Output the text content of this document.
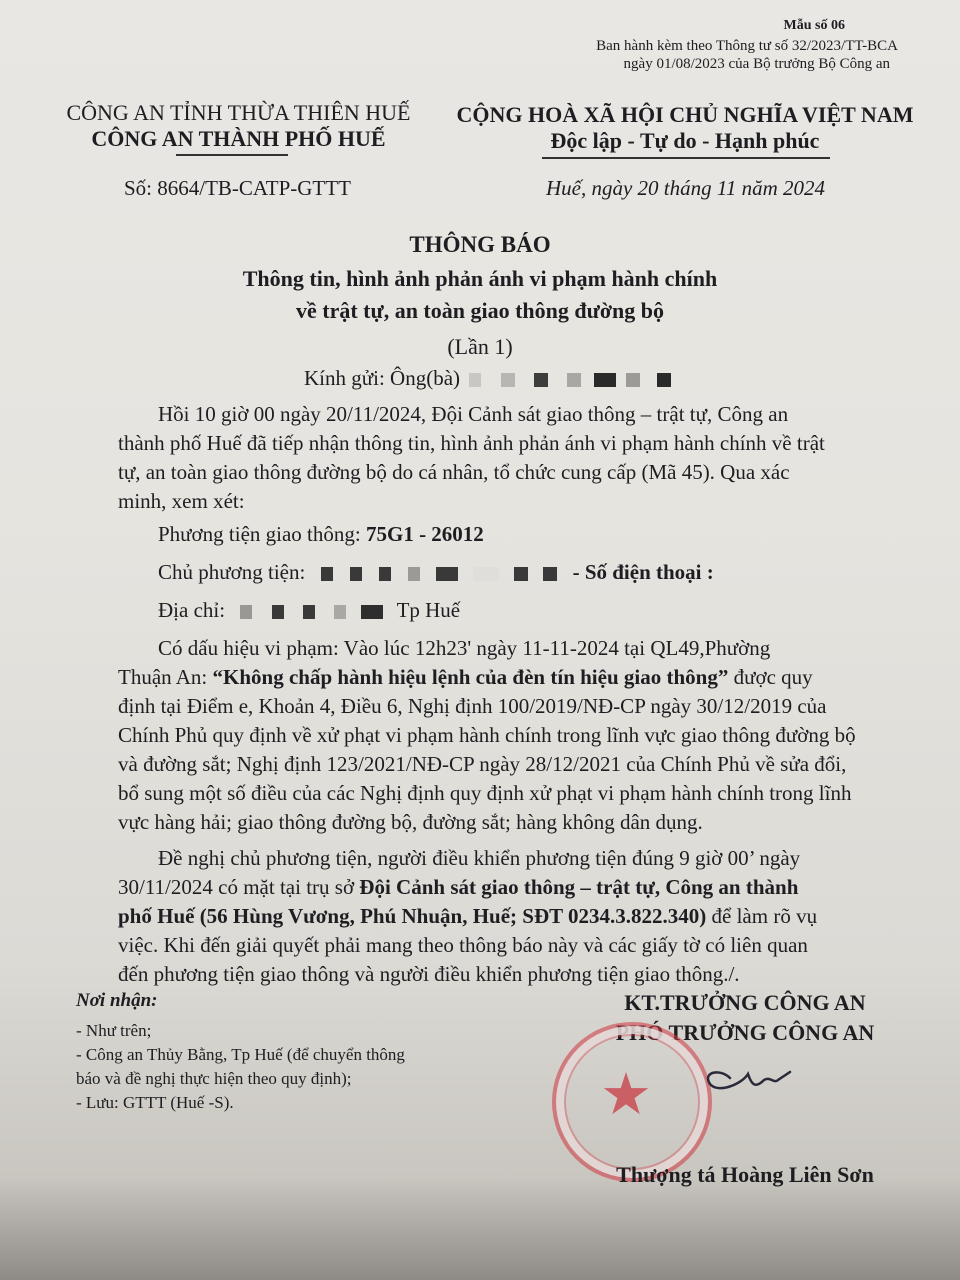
Mẫu số 06
Ban hành kèm theo Thông tư số 32/2023/TT-BCA
ngày 01/08/2023 của Bộ trưởng Bộ Công an
CÔNG AN TỈNH THỪA THIÊN HUẾ
CÔNG AN THÀNH PHỐ HUẾ
CỘNG HOÀ XÃ HỘI CHỦ NGHĨA VIỆT NAM
Độc lập - Tự do - Hạnh phúc
Số: 8664/TB-CATP-GTTT	Huế, ngày 20 tháng 11 năm 2024
THÔNG BÁO
Thông tin, hình ảnh phản ánh vi phạm hành chính
về trật tự, an toàn giao thông đường bộ
(Lần 1)
Kính gửi: Ông(bà)
Hồi 10 giờ 00 ngày 20/11/2024, Đội Cảnh sát giao thông – trật tự, Công an
thành phố Huế đã tiếp nhận thông tin, hình ảnh phản ánh vi phạm hành chính về trật
tự, an toàn giao thông đường bộ do cá nhân, tổ chức cung cấp (Mã 45). Qua xác
minh, xem xét:
Phương tiện giao thông: 75G1 - 26012
Chủ phương tiện:	- Số điện thoại :
Địa chỉ:	Tp Huế
Có dấu hiệu vi phạm: Vào lúc 12h23' ngày 11-11-2024 tại QL49,Phường
Thuận An: “Không chấp hành hiệu lệnh của đèn tín hiệu giao thông” được quy
định tại Điểm e, Khoản 4, Điều 6, Nghị định 100/2019/NĐ-CP ngày 30/12/2019 của
Chính Phủ quy định về xử phạt vi phạm hành chính trong lĩnh vực giao thông đường bộ
và đường sắt; Nghị định 123/2021/NĐ-CP ngày 28/12/2021 của Chính Phủ về sửa đổi,
bổ sung một số điều của các Nghị định quy định xử phạt vi phạm hành chính trong lĩnh
vực hàng hải; giao thông đường bộ, đường sắt; hàng không dân dụng.
Đề nghị chủ phương tiện, người điều khiển phương tiện đúng 9 giờ 00’ ngày
30/11/2024 có mặt tại trụ sở Đội Cảnh sát giao thông – trật tự, Công an thành
phố Huế (56 Hùng Vương, Phú Nhuận, Huế; SĐT 0234.3.822.340) để làm rõ vụ
việc. Khi đến giải quyết phải mang theo thông báo này và các giấy tờ có liên quan
đến phương tiện giao thông và người điều khiển phương tiện giao thông./.
Nơi nhận:
- Như trên;
- Công an Thủy Bằng, Tp Huế (để chuyển thông
báo và đề nghị thực hiện theo quy định);
- Lưu: GTTT (Huế -S).
KT.TRƯỞNG CÔNG AN
PHÓ TRƯỞNG CÔNG AN
★
Thượng tá Hoàng Liên Sơn
